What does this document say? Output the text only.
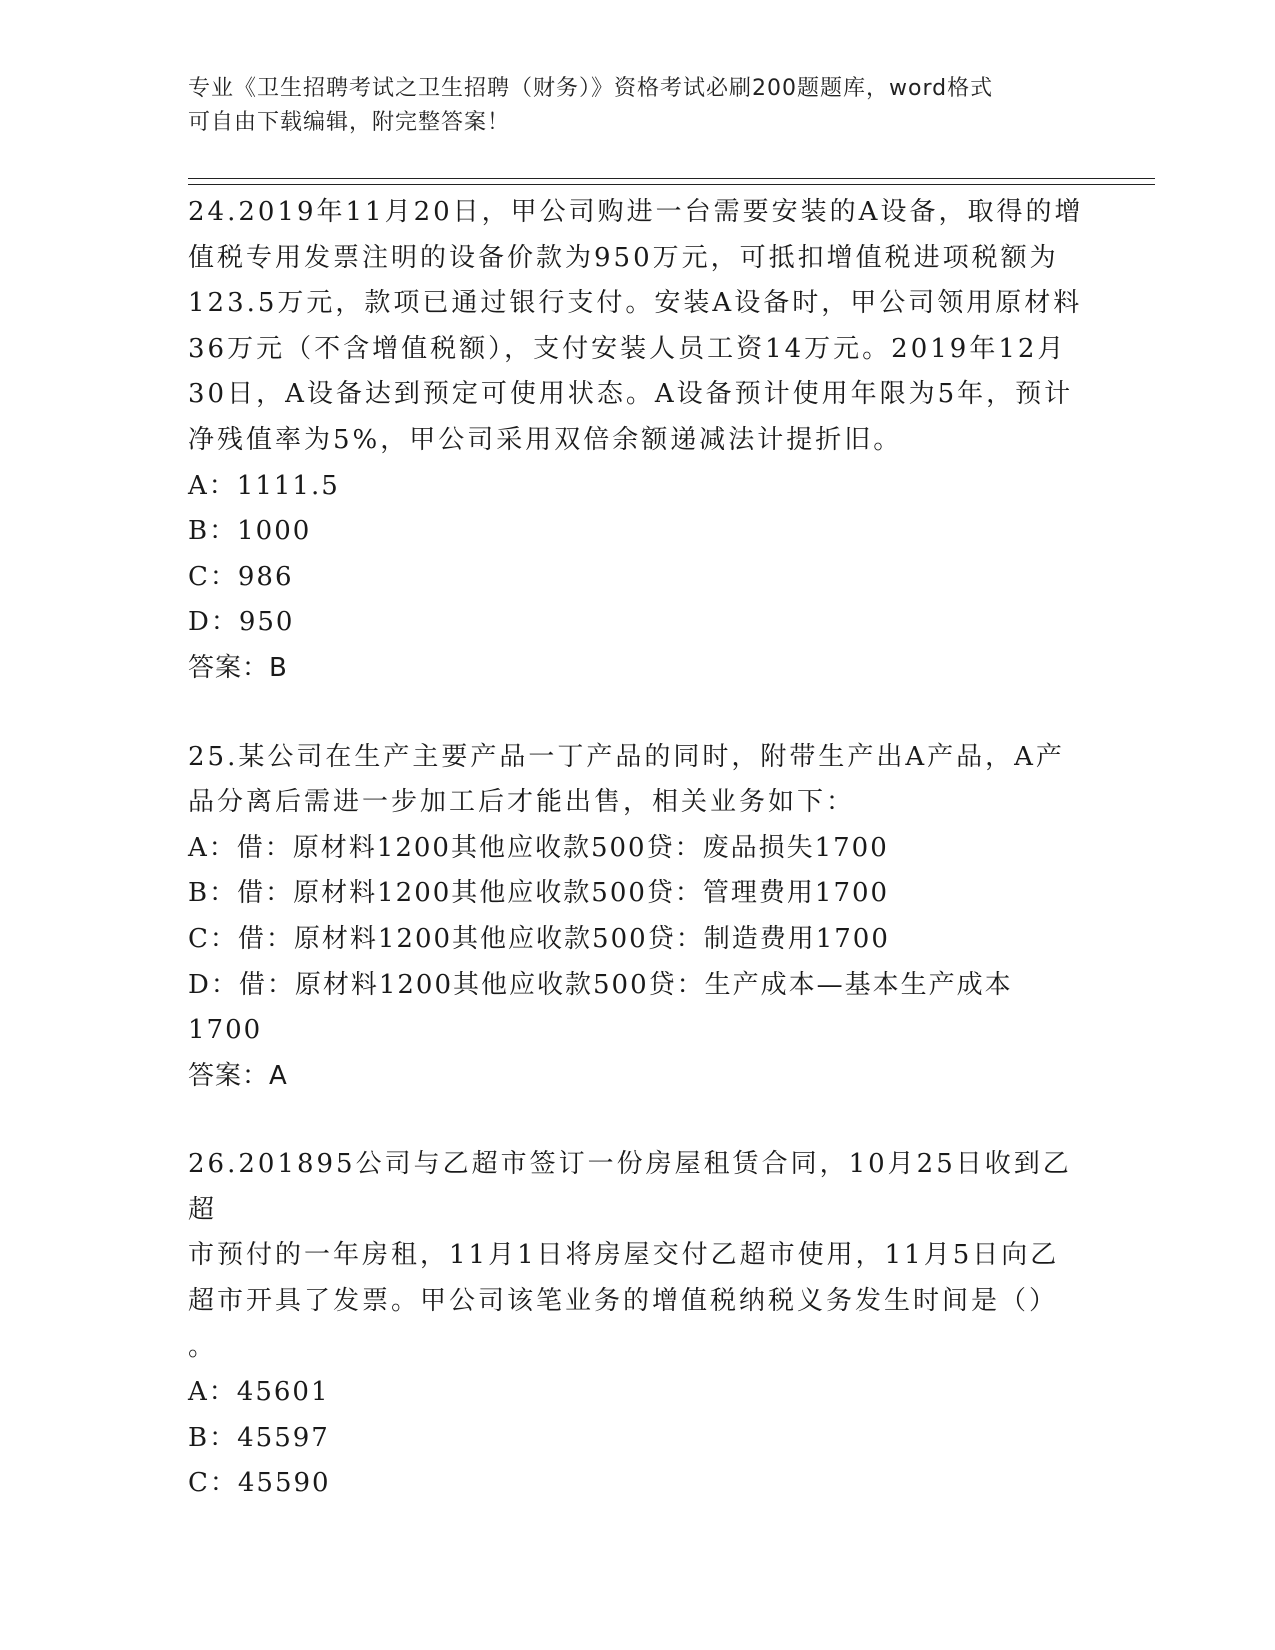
专业《卫生招聘考试之卫生招聘（财务）》资格考试必刷200题题库，word格式
可自由下载编辑，附完整答案！

24.2019年11月20日，甲公司购进一台需要安装的A设备，取得的增

值税专用发票注明的设备价款为950万元，可抵扣增值税进项税额为

123.5万元，款项已通过银行支付。安装A设备时，甲公司领用原材料

36万元（不含增值税额），支付安装人员工资14万元。2019年12月

30日，A设备达到预定可使用状态。A设备预计使用年限为5年，预计

净残值率为5%，甲公司采用双倍余额递减法计提折旧。

A：1111.5

B：1000

C：986

D：950

答案：B

25.某公司在生产主要产品一丁产品的同时，附带生产出A产品，A产

品分离后需进一步加工后才能出售，相关业务如下：

A：借：原材料1200其他应收款500贷：废品损失1700

B：借：原材料1200其他应收款500贷：管理费用1700

C：借：原材料1200其他应收款500贷：制造费用1700

D：借：原材料1200其他应收款500贷：生产成本—基本生产成本

1700

答案：A

26.201895公司与乙超市签订一份房屋租赁合同，10月25日收到乙超

市预付的一年房租，11月1日将房屋交付乙超市使用，11月5日向乙

超市开具了发票。甲公司该笔业务的增值税纳税义务发生时间是（）

。

A：45601

B：45597

C：45590
